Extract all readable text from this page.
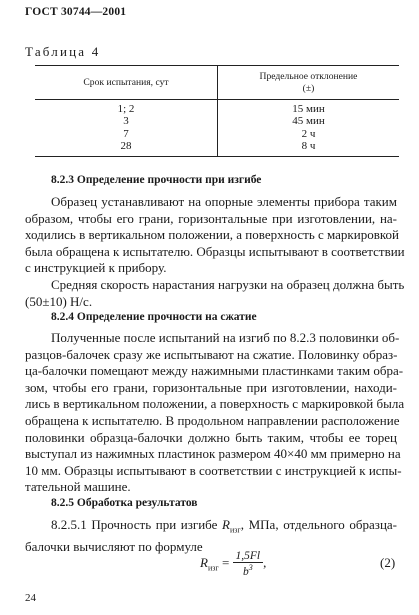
ГОСТ 30744—2001
Таблица 4
Срок испытания, сут	Предельное отклонение
(±)
1; 2	15 мин
3	45 мин
7	2 ч
28	8 ч
8.2.3 Определение прочности при изгибе
Образец устанавливают на опорные элементы прибора таким
образом, чтобы его грани, горизонтальные при изготовлении, на-
ходились в вертикальном положении, а поверхность с маркировкой
была обращена к испытателю. Образцы испытывают в соответствии
с инструкцией к прибору.
Средняя скорость нарастания нагрузки на образец должна быть
(50±10) Н/с.
8.2.4 Определение прочности на сжатие
Полученные после испытаний на изгиб по 8.2.3 половинки об-
разцов-балочек сразу же испытывают на сжатие. Половинку образ-
ца-балочки помещают между нажимными пластинками таким обра-
зом, чтобы его грани, горизонтальные при изготовлении, находи-
лись в вертикальном положении, а поверхность с маркировкой была
обращена к испытателю. В продольном направлении расположение
половинки образца-балочки должно быть таким, чтобы ее торец
выступал из нажимных пластинок размером 40×40 мм примерно на
10 мм. Образцы испытывают в соответствии с инструкцией к испы-
тательной машине.
8.2.5 Обработка результатов
8.2.5.1 Прочность при изгибе $R_{изг}$, МПа, отдельного образца-
балочки вычисляют по формуле
$R_{изг} = \frac{1,5Fl}{b^3}$ ,	(2)
24
